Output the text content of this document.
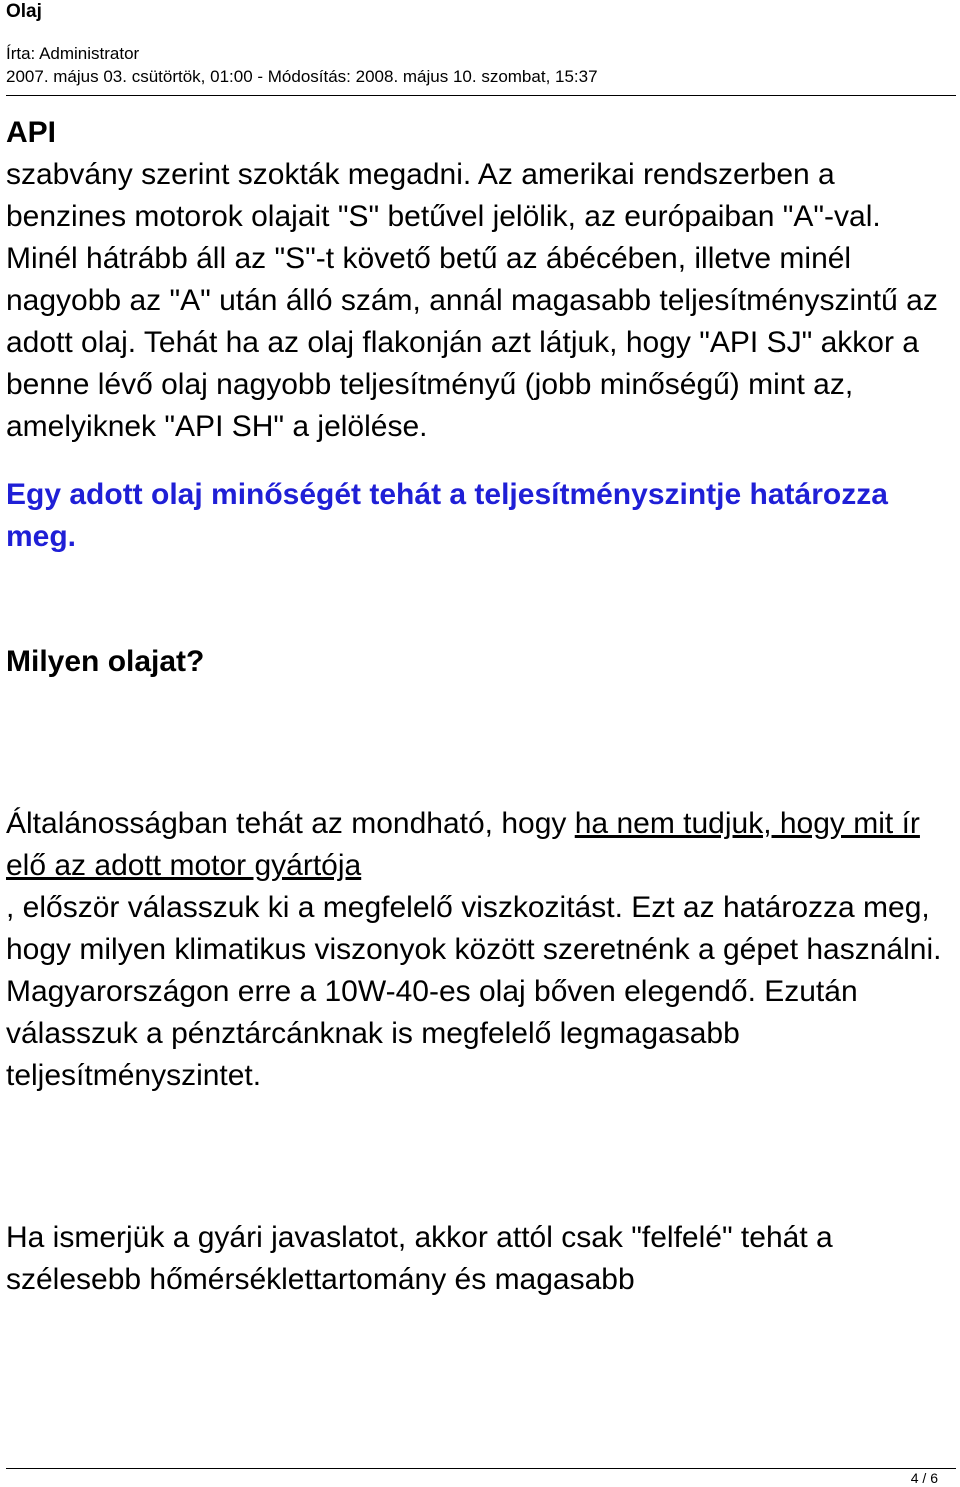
Olaj
Írta: Administrator
2007. május 03. csütörtök, 01:00 - Módosítás: 2008. május 10. szombat, 15:37
API

szabvány szerint szokták megadni. Az amerikai rendszerben a benzines motorok olajait "S" betűvel jelölik, az európaiban "A"-val. Minél hátrább áll az "S"-t követő betű az ábécében, illetve minél nagyobb az "A" után álló szám, annál magasabb teljesítményszintű az adott olaj. Tehát ha az olaj flakonján azt látjuk, hogy "API SJ" akkor a benne lévő olaj nagyobb teljesítményű (jobb minőségű) mint az, amelyiknek "API SH" a jelölése.

Egy adott olaj minőségét tehát a teljesítményszintje határozza meg.

Milyen olajat?

Általánosságban tehát az mondható, hogy ha nem tudjuk, hogy mit ír elő az adott motor gyártója
, először válasszuk ki a megfelelő viszkozitást. Ezt az határozza meg, hogy milyen klimatikus viszonyok között szeretnénk a gépet használni. Magyarországon erre a 10W-40-es olaj bőven elegendő. Ezután válasszuk a pénztárcánknak is megfelelő legmagasabb teljesítményszintet.

Ha ismerjük a gyári javaslatot, akkor attól csak "felfelé" tehát a szélesebb hőmérséklettartomány és magasabb

4 / 6
